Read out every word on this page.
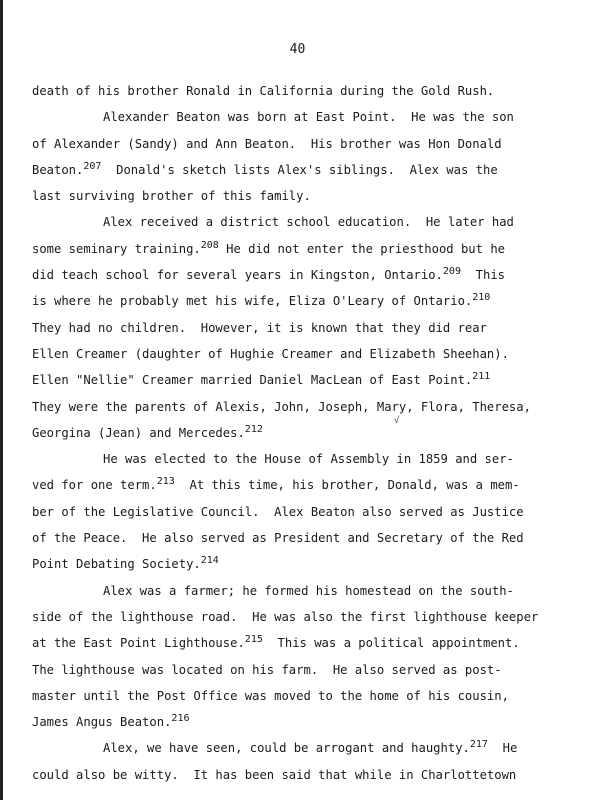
40
death of his brother Ronald in California during the Gold Rush.
Alexander Beaton was born at East Point.  He was the son
of Alexander (Sandy) and Ann Beaton.  His brother was Hon Donald
Beaton.$^{207}$  Donald's sketch lists Alex's siblings.  Alex was the
last surviving brother of this family.
Alex received a district school education.  He later had
some seminary training.$^{208}$ He did not enter the priesthood but he
did teach school for several years in Kingston, Ontario.$^{209}$  This
is where he probably met his wife, Eliza O'Leary of Ontario.$^{210}$
They had no children.  However, it is known that they did rear
Ellen Creamer (daughter of Hughie Creamer and Elizabeth Sheehan).
Ellen "Nellie" Creamer married Daniel MacLean of East Point.$^{211}$
They were the parents of Alexis, John, Joseph, Mary, Flora, Theresa,
Georgina (Jean) and Mercedes.$^{212}$
He was elected to the House of Assembly in 1859 and ser-
ved for one term.$^{213}$  At this time, his brother, Donald, was a mem-
ber of the Legislative Council.  Alex Beaton also served as Justice
of the Peace.  He also served as President and Secretary of the Red
Point Debating Society.$^{214}$
Alex was a farmer; he formed his homestead on the south-
side of the lighthouse road.  He was also the first lighthouse keeper
at the East Point Lighthouse.$^{215}$  This was a political appointment.
The lighthouse was located on his farm.  He also served as post-
master until the Post Office was moved to the home of his cousin,
James Angus Beaton.$^{216}$
Alex, we have seen, could be arrogant and haughty.$^{217}$  He
could also be witty.  It has been said that while in Charlottetown
√
